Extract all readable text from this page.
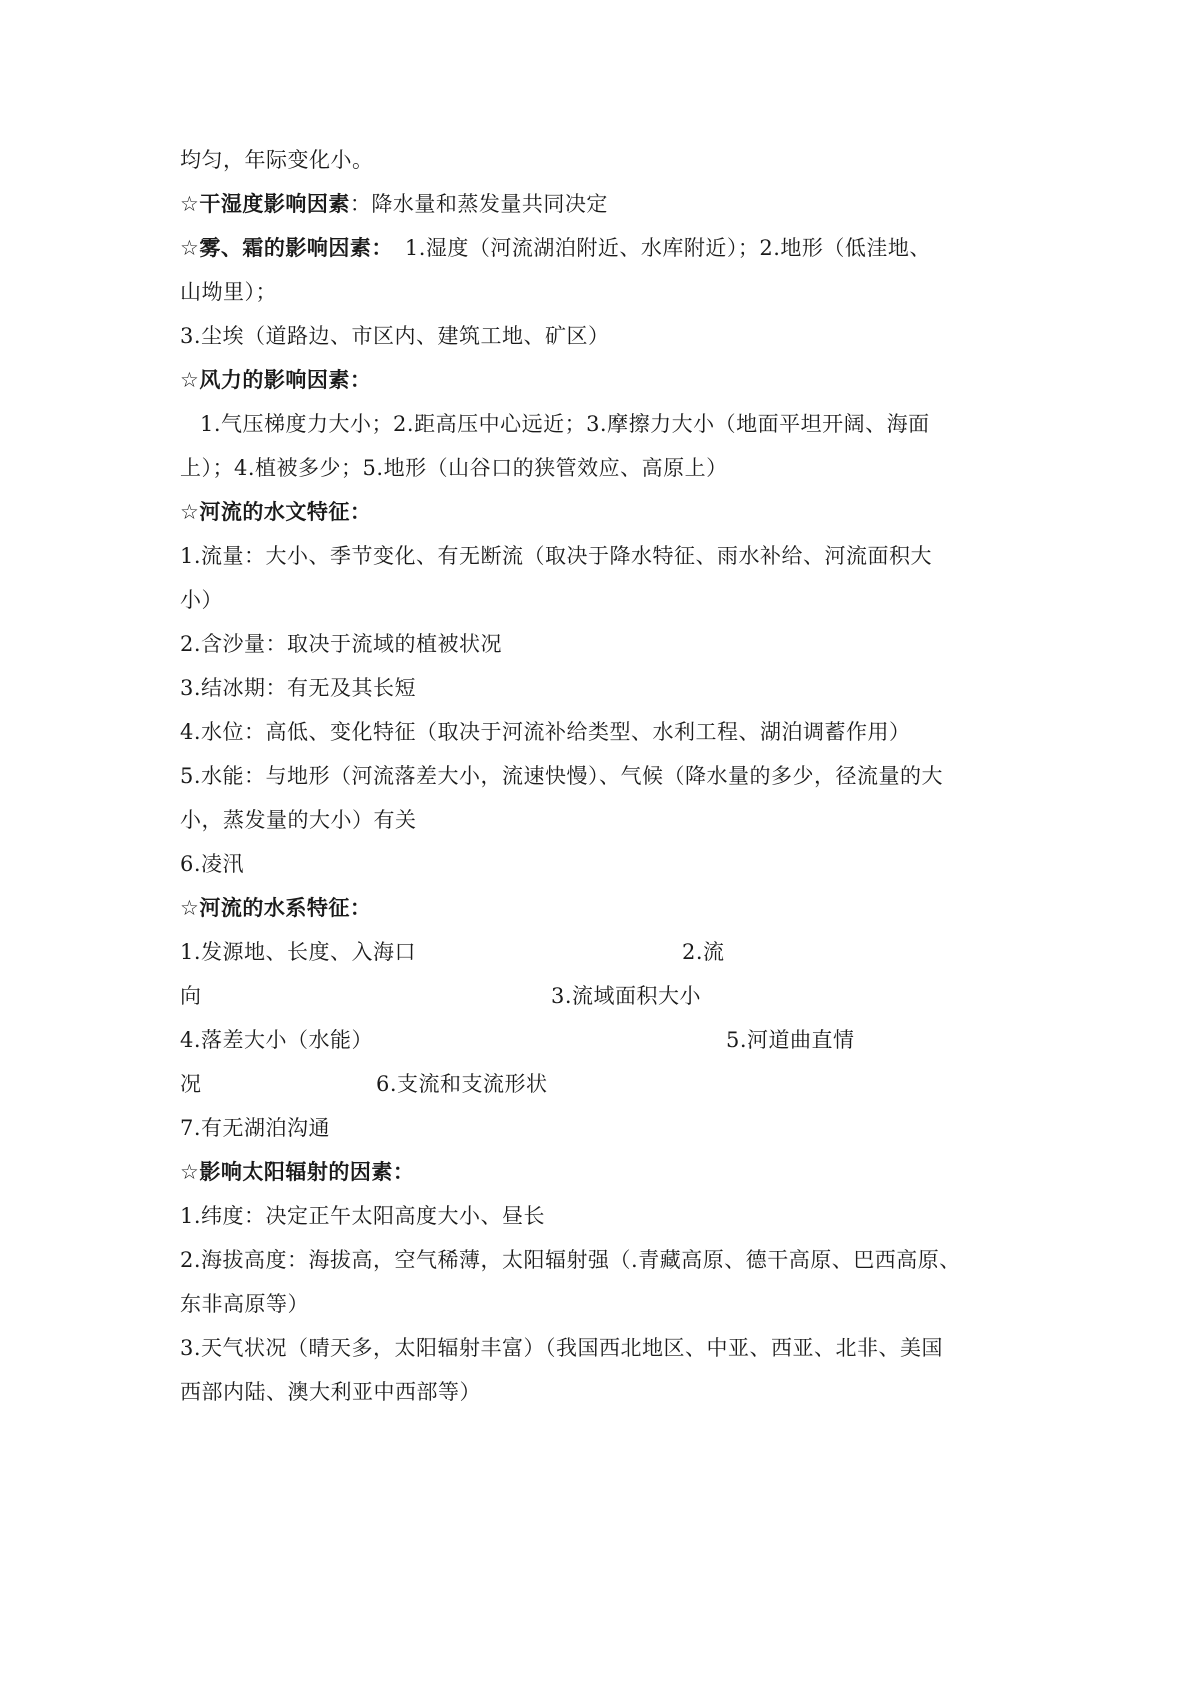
均匀，年际变化小。
☆干湿度影响因素：降水量和蒸发量共同决定
☆雾、霜的影响因素： 1.湿度（河流湖泊附近、水库附近）；2.地形（低洼地、
山坳里）；
3.尘埃（道路边、市区内、建筑工地、矿区）
☆风力的影响因素：
1.气压梯度力大小；2.距高压中心远近；3.摩擦力大小（地面平坦开阔、海面
上）；4.植被多少；5.地形（山谷口的狭管效应、高原上）
☆河流的水文特征：
1.流量：大小、季节变化、有无断流（取决于降水特征、雨水补给、河流面积大
小）
2.含沙量：取决于流域的植被状况
3.结冰期：有无及其长短
4.水位：高低、变化特征（取决于河流补给类型、水利工程、湖泊调蓄作用）
5.水能：与地形（河流落差大小，流速快慢）、气候（降水量的多少，径流量的大
小，蒸发量的大小）有关
6.凌汛
☆河流的水系特征：
1.发源地、长度、入海口	2.流
向	3.流域面积大小
4.落差大小（水能）	5.河道曲直情
况	6.支流和支流形状
7.有无湖泊沟通
☆影响太阳辐射的因素：
1.纬度：决定正午太阳高度大小、昼长
2.海拔高度：海拔高，空气稀薄，太阳辐射强（.青藏高原、德干高原、巴西高原、
东非高原等）
3.天气状况（晴天多，太阳辐射丰富）（我国西北地区、中亚、西亚、北非、美国
西部内陆、澳大利亚中西部等）
